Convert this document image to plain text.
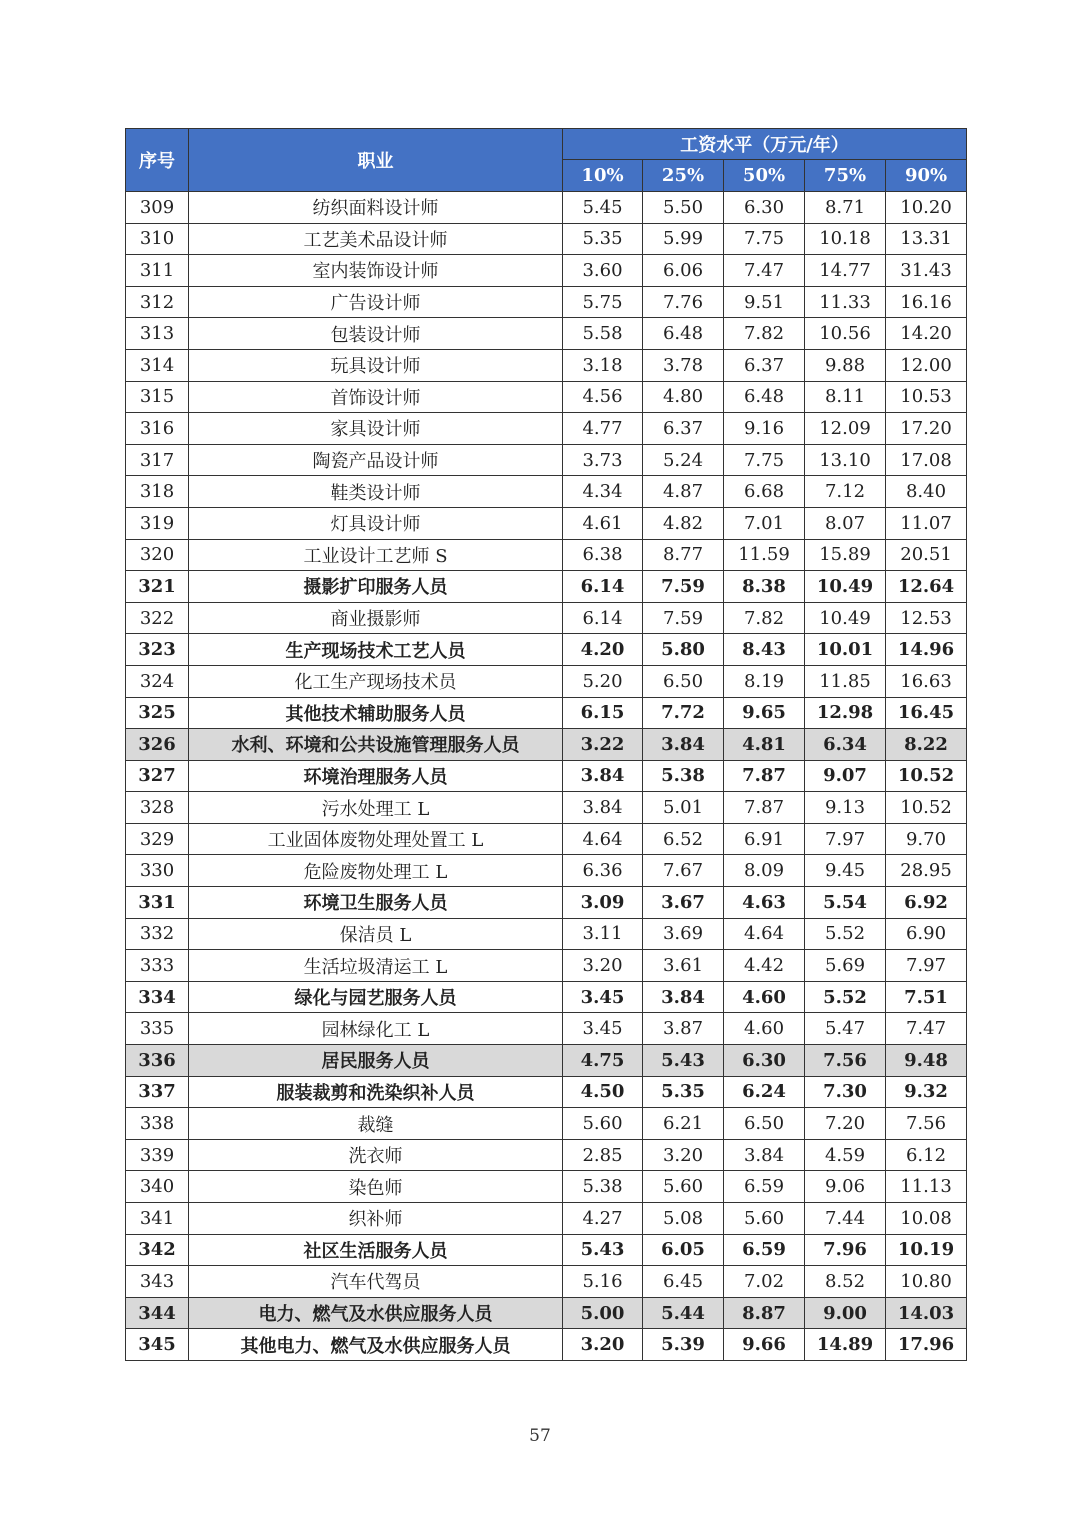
序号	职业	工资水平（万元/年）				
		10%	25%	50%	75%	90%
309	纺织面料设计师	5.45	5.50	6.30	8.71	10.20
310	工艺美术品设计师	5.35	5.99	7.75	10.18	13.31
311	室内装饰设计师	3.60	6.06	7.47	14.77	31.43
312	广告设计师	5.75	7.76	9.51	11.33	16.16
313	包装设计师	5.58	6.48	7.82	10.56	14.20
314	玩具设计师	3.18	3.78	6.37	9.88	12.00
315	首饰设计师	4.56	4.80	6.48	8.11	10.53
316	家具设计师	4.77	6.37	9.16	12.09	17.20
317	陶瓷产品设计师	3.73	5.24	7.75	13.10	17.08
318	鞋类设计师	4.34	4.87	6.68	7.12	8.40
319	灯具设计师	4.61	4.82	7.01	8.07	11.07
320	工业设计工艺师 S	6.38	8.77	11.59	15.89	20.51
321	摄影扩印服务人员	6.14	7.59	8.38	10.49	12.64
322	商业摄影师	6.14	7.59	7.82	10.49	12.53
323	生产现场技术工艺人员	4.20	5.80	8.43	10.01	14.96
324	化工生产现场技术员	5.20	6.50	8.19	11.85	16.63
325	其他技术辅助服务人员	6.15	7.72	9.65	12.98	16.45
326	水利、环境和公共设施管理服务人员	3.22	3.84	4.81	6.34	8.22
327	环境治理服务人员	3.84	5.38	7.87	9.07	10.52
328	污水处理工 L	3.84	5.01	7.87	9.13	10.52
329	工业固体废物处理处置工 L	4.64	6.52	6.91	7.97	9.70
330	危险废物处理工 L	6.36	7.67	8.09	9.45	28.95
331	环境卫生服务人员	3.09	3.67	4.63	5.54	6.92
332	保洁员 L	3.11	3.69	4.64	5.52	6.90
333	生活垃圾清运工 L	3.20	3.61	4.42	5.69	7.97
334	绿化与园艺服务人员	3.45	3.84	4.60	5.52	7.51
335	园林绿化工 L	3.45	3.87	4.60	5.47	7.47
336	居民服务人员	4.75	5.43	6.30	7.56	9.48
337	服装裁剪和洗染织补人员	4.50	5.35	6.24	7.30	9.32
338	裁缝	5.60	6.21	6.50	7.20	7.56
339	洗衣师	2.85	3.20	3.84	4.59	6.12
340	染色师	5.38	5.60	6.59	9.06	11.13
341	织补师	4.27	5.08	5.60	7.44	10.08
342	社区生活服务人员	5.43	6.05	6.59	7.96	10.19
343	汽车代驾员	5.16	6.45	7.02	8.52	10.80
344	电力、燃气及水供应服务人员	5.00	5.44	8.87	9.00	14.03
345	其他电力、燃气及水供应服务人员	3.20	5.39	9.66	14.89	17.96
57
